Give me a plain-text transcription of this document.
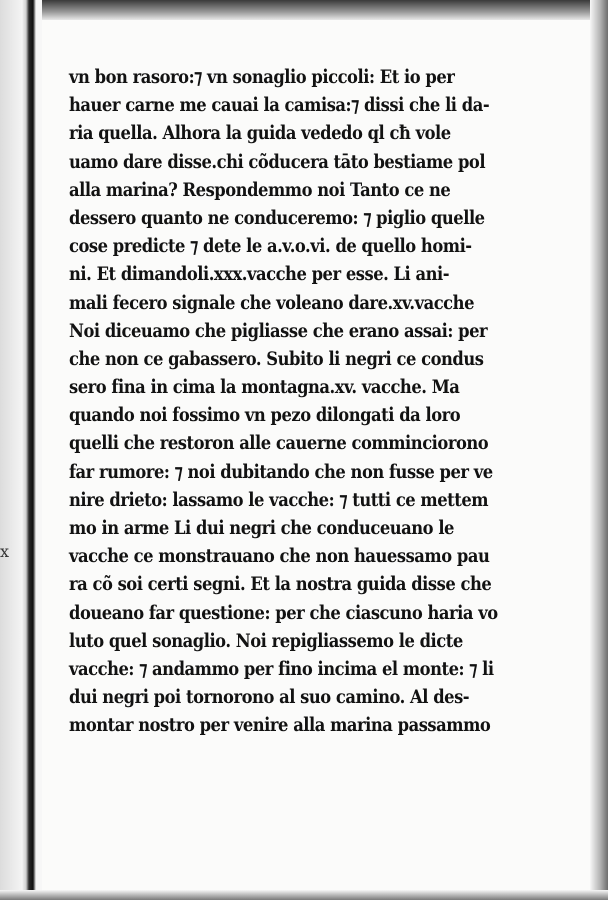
x
vn bon rasoro:⁊ vn sonaglio piccoli: Et io per
hauer carne me cauai la camisa:⁊ dissi che li da-
ria quella. Alhora la guida vededo ql cħ vole
uamo dare disse.chi cõducera tāto bestiame pol
alla marina? Respondemmo noi Tanto ce ne
dessero quanto ne conduceremo: ⁊ piglio quelle
cose predicte ⁊ dete le a.v.o.vi. de quello homi-
ni. Et dimandoli.xxx.vacche per esse. Li ani-
mali fecero signale che voleano dare.xv.vacche
Noi diceuamo che pigliasse che erano assai: per
che non ce gabassero. Subito li negri ce condus
sero fina in cima la montagna.xv. vacche. Ma
quando noi fossimo vn pezo dilongati da loro
quelli che restoron alle cauerne comminciorono
far rumore: ⁊ noi dubitando che non fusse per ve
nire drieto: lassamo le vacche: ⁊ tutti ce mettem
mo in arme Li dui negri che conduceuano le
vacche ce monstrauano che non hauessamo pau
ra cõ soi certi segni. Et la nostra guida disse che
doueano far questione: per che ciascuno haria vo
luto quel sonaglio. Noi repigliassemo le dicte
vacche: ⁊ andammo per fino incima el monte: ⁊ li
dui negri poi tornorono al suo camino. Al des-
montar nostro per venire alla marina passammo
